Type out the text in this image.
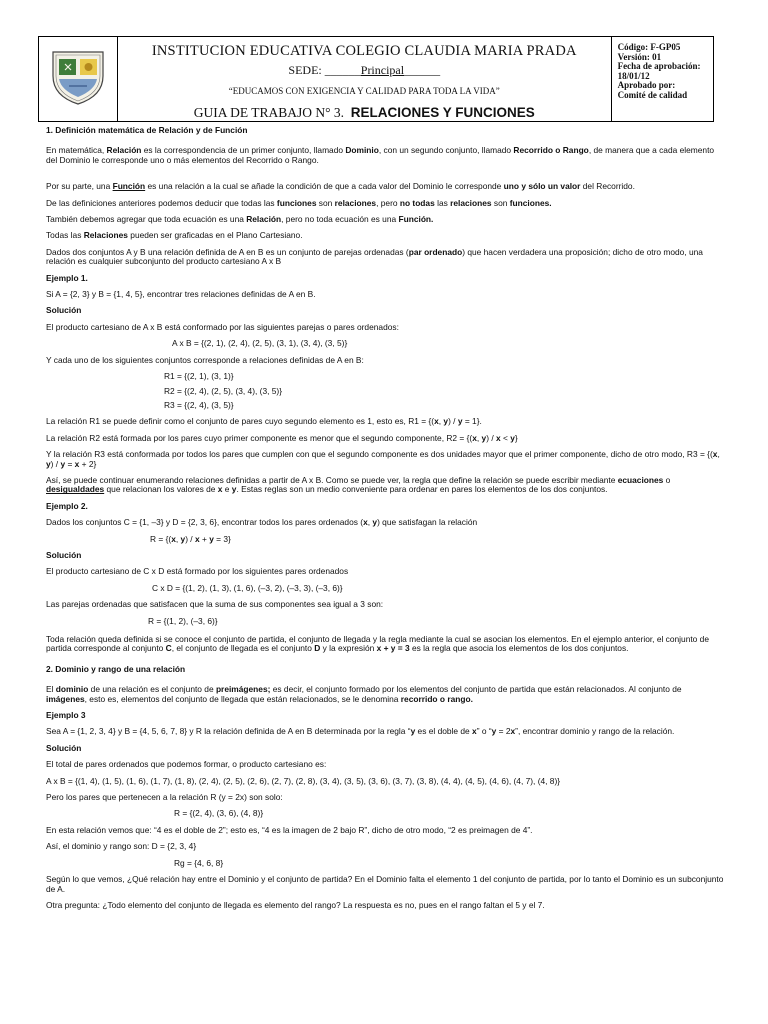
INSTITUCION EDUCATIVA COLEGIO CLAUDIA MARIA PRADA
SEDE: ______Principal______
“EDUCAMOS CON EXIGENCIA Y CALIDAD PARA TODA LA VIDA”
GUIA DE TRABAJO N° 3. RELACIONES Y FUNCIONES

Código: F-GP05
Versión: 01
Fecha de aprobación:
18/01/12
Aprobado por:
Comité de calidad

1. Definición matemática de Relación y de Función

En matemática, Relación es la correspondencia de un primer conjunto, llamado Dominio, con un segundo conjunto, llamado Recorrido o Rango, de manera que a cada elemento del Dominio le corresponde uno o más elementos del Recorrido o Rango.

Por su parte, una Función es una relación a la cual se añade la condición de que a cada valor del Dominio le corresponde uno y sólo un valor del Recorrido.

De las definiciones anteriores podemos deducir que todas las funciones son relaciones, pero no todas las relaciones son funciones.

También debemos agregar que toda ecuación es una Relación, pero no toda ecuación es una Función.

Todas las Relaciones pueden ser graficadas en el Plano Cartesiano.

Dados dos conjuntos A y B una relación definida de A en B es un conjunto de parejas ordenadas (par ordenado) que hacen verdadera una proposición; dicho de otro modo, una relación es cualquier subconjunto del producto cartesiano A x B

Ejemplo 1.

Si A = {2, 3} y B = {1, 4, 5}, encontrar tres relaciones definidas de A en B.

Solución

El producto cartesiano de A x B está conformado por las siguientes parejas o pares ordenados:

A x B = {(2, 1), (2, 4), (2, 5), (3, 1), (3, 4), (3, 5)}

Y cada uno de los siguientes conjuntos corresponde a relaciones definidas de A en B:

R1 = {(2, 1), (3, 1)}

R2 = {(2, 4), (2, 5), (3, 4), (3, 5)}

R3 = {(2, 4), (3, 5)}

La relación R1 se puede definir como el conjunto de pares cuyo segundo elemento es 1, esto es, R1 = {(x, y) / y = 1}.

La relación R2 está formada por los pares cuyo primer componente es menor que el segundo componente, R2 = {(x, y) / x < y}

Y la relación R3 está conformada por todos los pares que cumplen con que el segundo componente es dos unidades mayor que el primer componente, dicho de otro modo, R3 = {(x, y) / y = x + 2}

Así, se puede continuar enumerando relaciones definidas a partir de A x B. Como se puede ver, la regla que define la relación se puede escribir mediante ecuaciones o desigualdades que relacionan los valores de x e y. Estas reglas son un medio conveniente para ordenar en pares los elementos de los dos conjuntos.

Ejemplo 2.

Dados los conjuntos C = {1, –3} y D = {2, 3, 6}, encontrar todos los pares ordenados (x, y) que satisfagan la relación

R = {(x, y) / x + y = 3}

Solución

El producto cartesiano de C x D está formado por los siguientes pares ordenados

C x D = {(1, 2), (1, 3), (1, 6), (–3, 2), (–3, 3), (–3, 6)}

Las parejas ordenadas que satisfacen que la suma de sus componentes sea igual a 3 son:

R = {(1, 2), (–3, 6)}

Toda relación queda definida si se conoce el conjunto de partida, el conjunto de llegada y la regla mediante la cual se asocian los elementos. En el ejemplo anterior, el conjunto de partida corresponde al conjunto C, el conjunto de llegada es el conjunto D y la expresión x + y = 3 es la regla que asocia los elementos de los dos conjuntos.

2. Dominio y rango de una relación

El dominio de una relación es el conjunto de preimágenes; es decir, el conjunto formado por los elementos del conjunto de partida que están relacionados. Al conjunto de imágenes, esto es, elementos del conjunto de llegada que están relacionados, se le denomina recorrido o rango.

Ejemplo 3

Sea A = {1, 2, 3, 4} y B = {4, 5, 6, 7, 8} y R la relación definida de A en B determinada por la regla “y es el doble de x” o “y = 2x”, encontrar dominio y rango de la relación.

Solución

El total de pares ordenados que podemos formar, o producto cartesiano es:

A x B = {(1, 4), (1, 5), (1, 6), (1, 7), (1, 8), (2, 4), (2, 5), (2, 6), (2, 7), (2, 8), (3, 4), (3, 5), (3, 6), (3, 7), (3, 8), (4, 4), (4, 5), (4, 6), (4, 7), (4, 8)}

Pero los pares que pertenecen a la relación R (y = 2x) son solo:

R = {(2, 4), (3, 6), (4, 8)}

En esta relación vemos que: “4 es el doble de 2”; esto es, “4 es la imagen de 2 bajo R”, dicho de otro modo, “2 es preimagen de 4”.

Así, el dominio y rango son: D = {2, 3, 4}

Rg = {4, 6, 8}

Según lo que vemos, ¿Qué relación hay entre el Dominio y el conjunto de partida? En el Dominio falta el elemento 1 del conjunto de partida, por lo tanto el Dominio es un subconjunto de A.

Otra pregunta: ¿Todo elemento del conjunto de llegada es elemento del rango? La respuesta es no, pues en el rango faltan el 5 y el 7.
